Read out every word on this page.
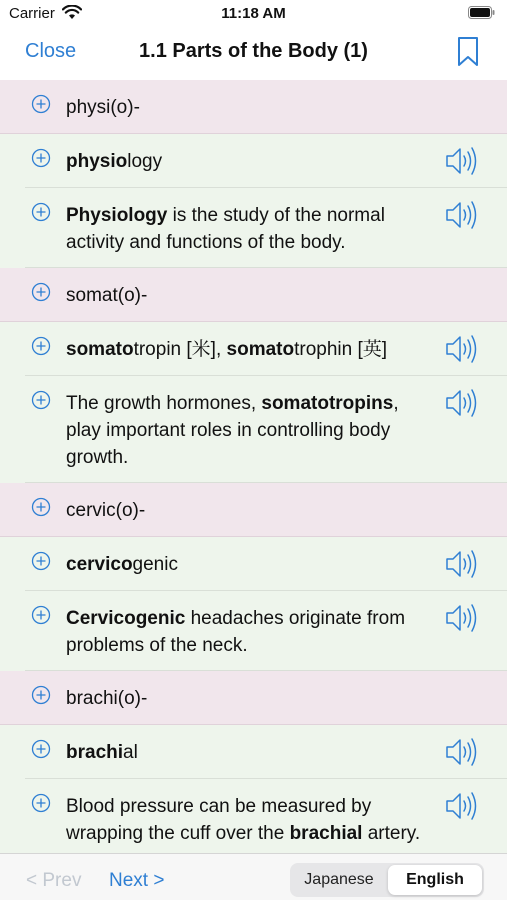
Carrier	11:18 AM
Close	1.1 Parts of the Body (1)
physi(o)-
physiology
Physiology is the study of the normal activity and functions of the body.
somat(o)-
somatotropin [米], somatotrophin [英]
The growth hormones, somatotropins, play important roles in controlling body growth.
cervic(o)-
cervicogenic
Cervicogenic headaches originate from problems of the neck.
brachi(o)-
brachial
Blood pressure can be measured by wrapping the cuff over the brachial artery.
< Prev Next >	Japanese	English
